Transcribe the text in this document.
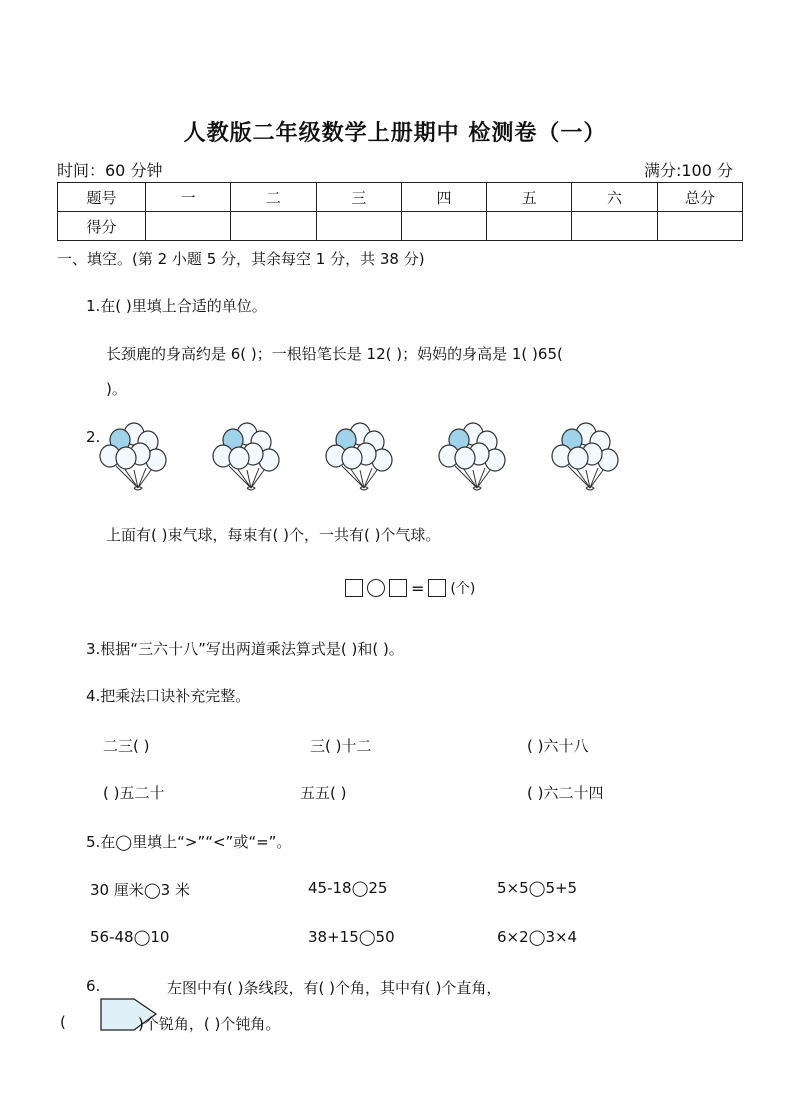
人教版二年级数学上册期中 检测卷（一）
时间：60 分钟	满分:100 分
题号	一	二	三	四	五	六	总分
得分							
一、填空。(第 2 小题 5 分，其余每空 1 分，共 38 分)
1.在( )里填上合适的单位。
长颈鹿的身高约是 6( )；一根铅笔长是 12( )；妈妈的身高是 1( )65(
)。
2.
上面有( )束气球，每束有( )个，一共有( )个气球。
= (个)
3.根据“三六十八”写出两道乘法算式是( )和( )。
4.把乘法口诀补充完整。
二三( )	三( )十二	( )六十八
( )五二十	五五( )	( )六二十四
5.在◯里填上“>”“<”或“=”。
30 厘米◯3 米	45-18◯25	5×5◯5+5
56-48◯10	38+15◯50	6×2◯3×4
6.	左图中有( )条线段，有( )个角，其中有( )个直角，
(	)个锐角，( )个钝角。
